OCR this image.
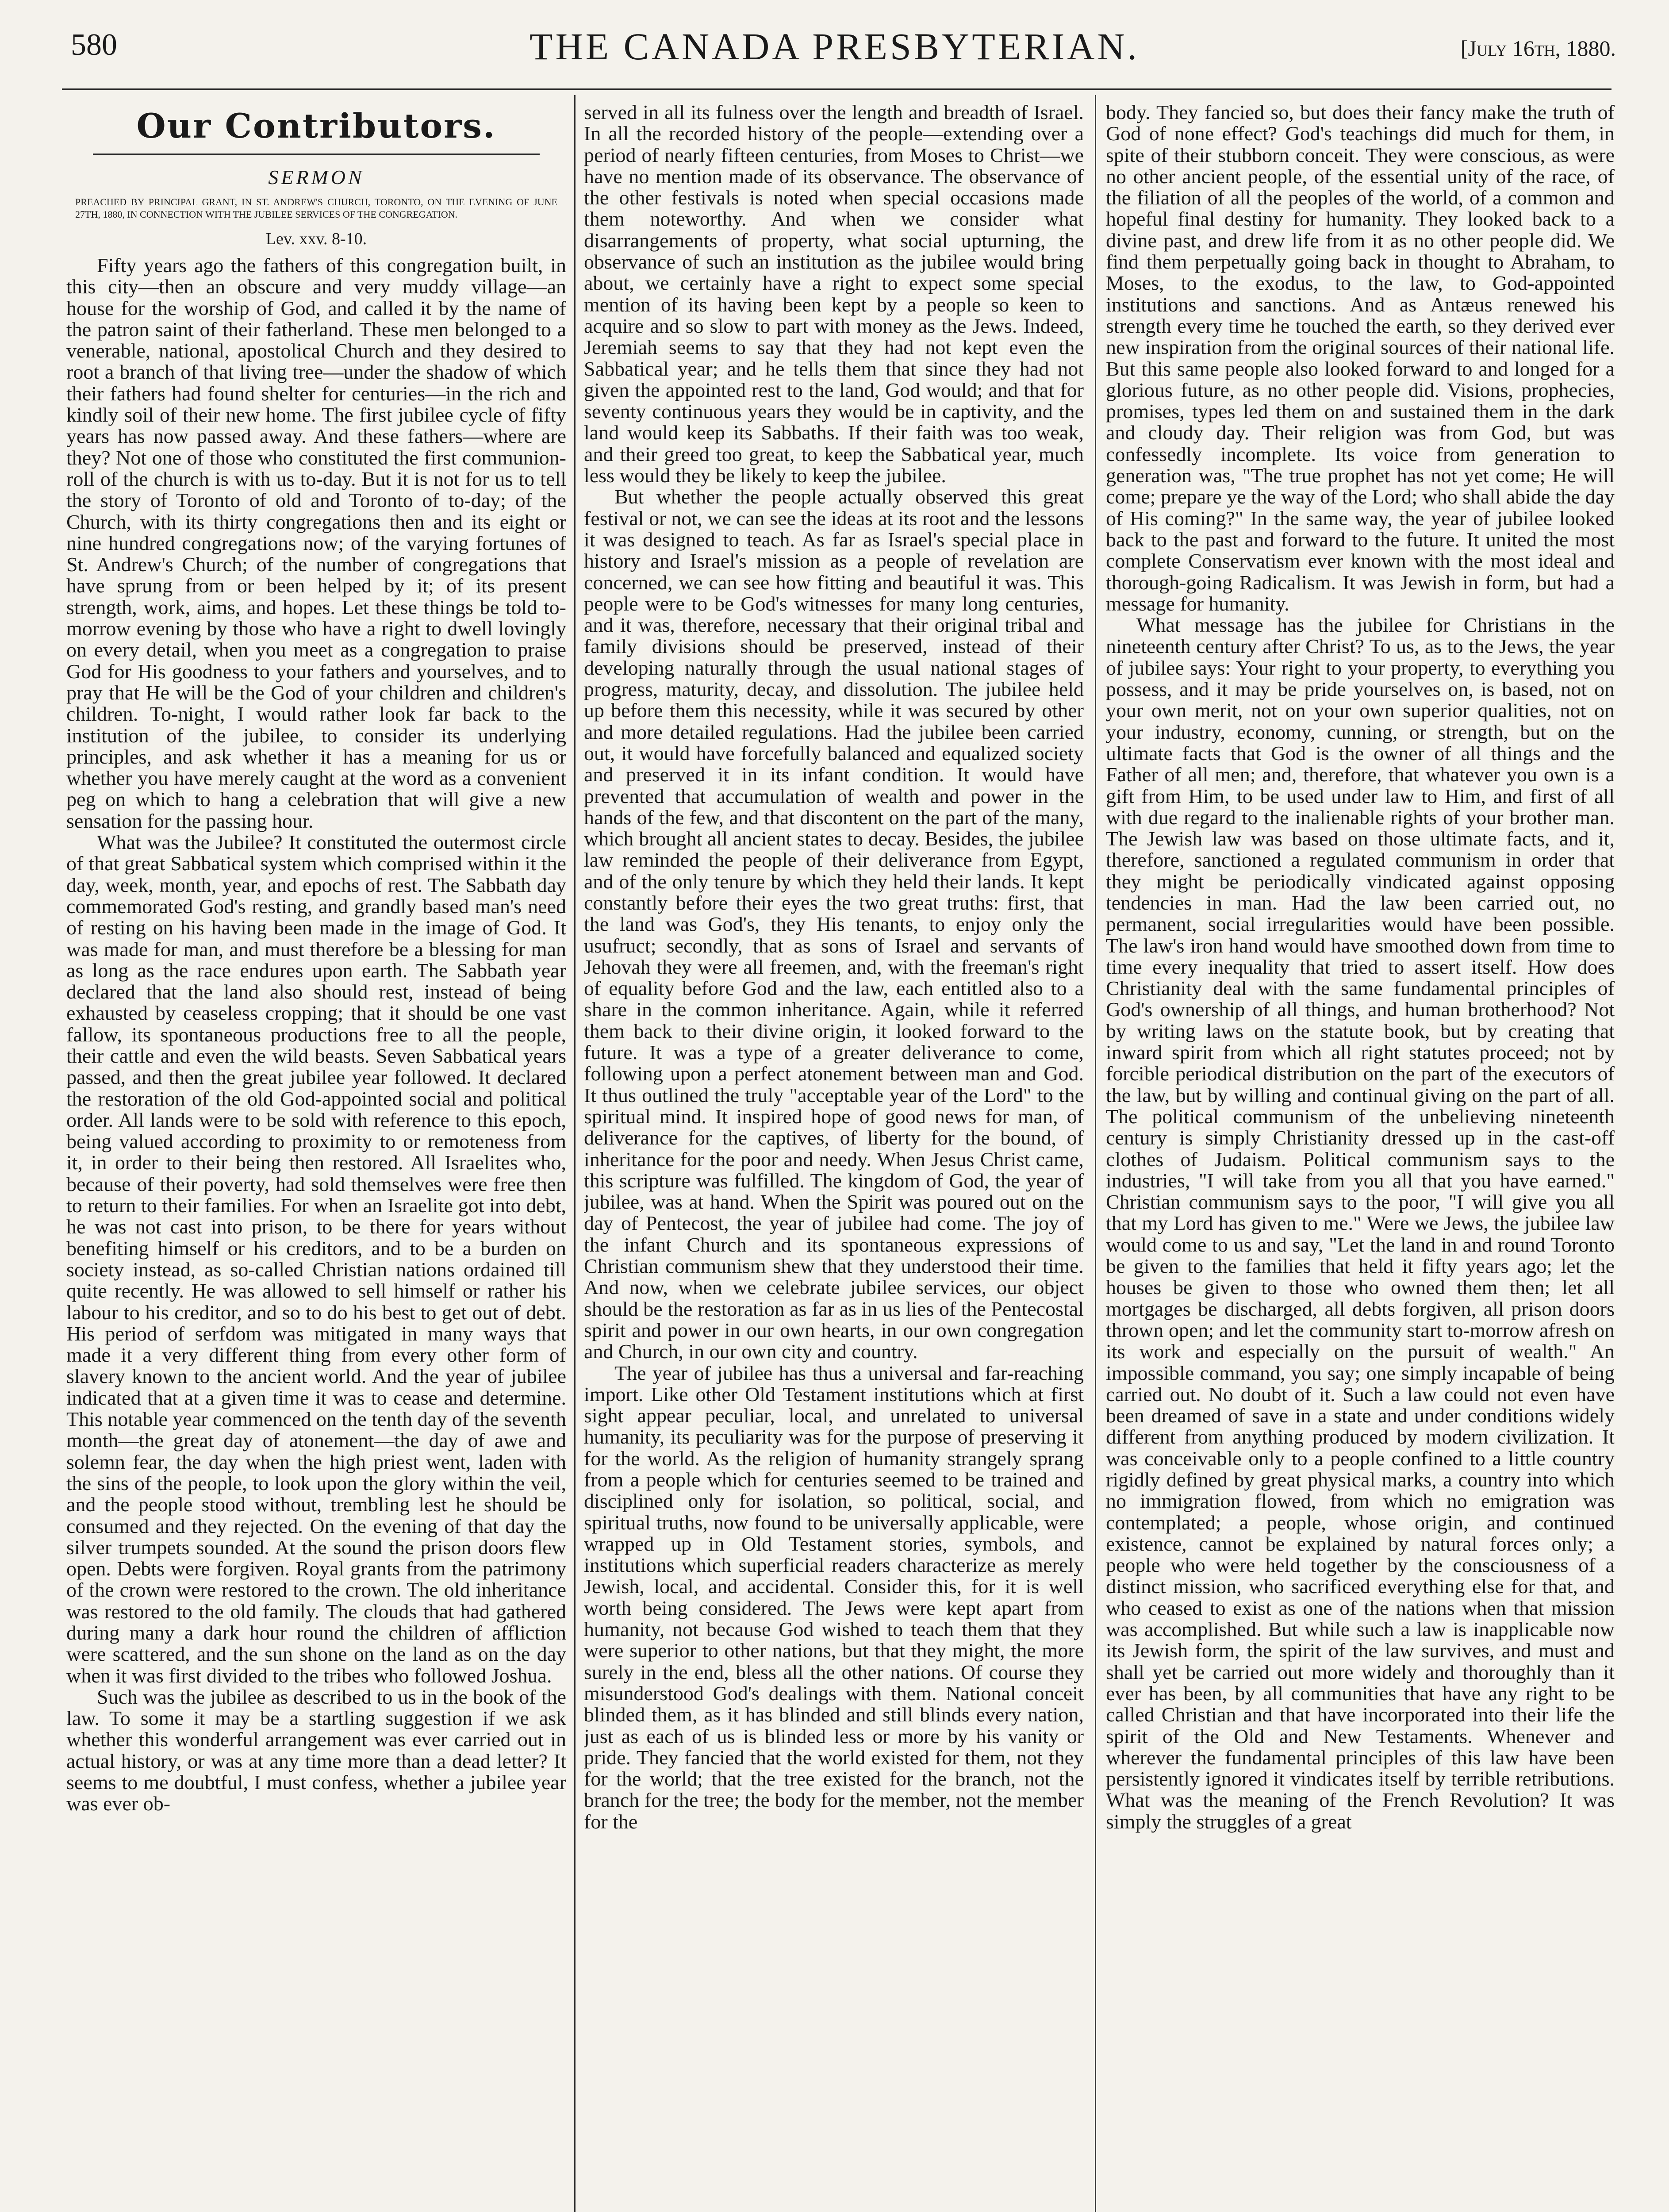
580	THE CANADA PRESBYTERIAN.	[July 16th, 1880.
Our Contributors.
SERMON
PREACHED BY PRINCIPAL GRANT, IN ST. ANDREW'S CHURCH, TORONTO, ON THE EVENING OF JUNE 27TH, 1880, IN CONNECTION WITH THE JUBILEE SERVICES OF THE CONGREGATION.
Lev. xxv. 8-10.

Fifty years ago the fathers of this congregation built, in this city—then an obscure and very muddy village—an house for the worship of God, and called it by the name of the patron saint of their fatherland. These men belonged to a venerable, national, apostolical Church and they desired to root a branch of that living tree—under the shadow of which their fathers had found shelter for centuries—in the rich and kindly soil of their new home. The first jubilee cycle of fifty years has now passed away. And these fathers—where are they? Not one of those who constituted the first communion-roll of the church is with us to-day. But it is not for us to tell the story of Toronto of old and Toronto of to-day; of the Church, with its thirty congregations then and its eight or nine hundred congregations now; of the varying fortunes of St. Andrew's Church; of the number of congregations that have sprung from or been helped by it; of its present strength, work, aims, and hopes. Let these things be told to-morrow evening by those who have a right to dwell lovingly on every detail, when you meet as a congregation to praise God for His goodness to your fathers and yourselves, and to pray that He will be the God of your children and children's children. To-night, I would rather look far back to the institution of the jubilee, to consider its underlying principles, and ask whether it has a meaning for us or whether you have merely caught at the word as a convenient peg on which to hang a celebration that will give a new sensation for the passing hour.

What was the Jubilee? It constituted the outermost circle of that great Sabbatical system which comprised within it the day, week, month, year, and epochs of rest. The Sabbath day commemorated God's resting, and grandly based man's need of resting on his having been made in the image of God. It was made for man, and must therefore be a blessing for man as long as the race endures upon earth. The Sabbath year declared that the land also should rest, instead of being exhausted by ceaseless cropping; that it should be one vast fallow, its spontaneous productions free to all the people, their cattle and even the wild beasts. Seven Sabbatical years passed, and then the great jubilee year followed. It declared the restoration of the old God-appointed social and political order. All lands were to be sold with reference to this epoch, being valued according to proximity to or remoteness from it, in order to their being then restored. All Israelites who, because of their poverty, had sold themselves were free then to return to their families. For when an Israelite got into debt, he was not cast into prison, to be there for years without benefiting himself or his creditors, and to be a burden on society instead, as so-called Christian nations ordained till quite recently. He was allowed to sell himself or rather his labour to his creditor, and so to do his best to get out of debt. His period of serfdom was mitigated in many ways that made it a very different thing from every other form of slavery known to the ancient world. And the year of jubilee indicated that at a given time it was to cease and determine. This notable year commenced on the tenth day of the seventh month—the great day of atonement—the day of awe and solemn fear, the day when the high priest went, laden with the sins of the people, to look upon the glory within the veil, and the people stood without, trembling lest he should be consumed and they rejected. On the evening of that day the silver trumpets sounded. At the sound the prison doors flew open. Debts were forgiven. Royal grants from the patrimony of the crown were restored to the crown. The old inheritance was restored to the old family. The clouds that had gathered during many a dark hour round the children of affliction were scattered, and the sun shone on the land as on the day when it was first divided to the tribes who followed Joshua.

Such was the jubilee as described to us in the book of the law. To some it may be a startling suggestion if we ask whether this wonderful arrangement was ever carried out in actual history, or was at any time more than a dead letter? It seems to me doubtful, I must confess, whether a jubilee year was ever ob-

served in all its fulness over the length and breadth of Israel. In all the recorded history of the people—extending over a period of nearly fifteen centuries, from Moses to Christ—we have no mention made of its observance. The observance of the other festivals is noted when special occasions made them noteworthy. And when we consider what disarrangements of property, what social upturning, the observance of such an institution as the jubilee would bring about, we certainly have a right to expect some special mention of its having been kept by a people so keen to acquire and so slow to part with money as the Jews. Indeed, Jeremiah seems to say that they had not kept even the Sabbatical year; and he tells them that since they had not given the appointed rest to the land, God would; and that for seventy continuous years they would be in captivity, and the land would keep its Sabbaths. If their faith was too weak, and their greed too great, to keep the Sabbatical year, much less would they be likely to keep the jubilee.

But whether the people actually observed this great festival or not, we can see the ideas at its root and the lessons it was designed to teach. As far as Israel's special place in history and Israel's mission as a people of revelation are concerned, we can see how fitting and beautiful it was. This people were to be God's witnesses for many long centuries, and it was, therefore, necessary that their original tribal and family divisions should be preserved, instead of their developing naturally through the usual national stages of progress, maturity, decay, and dissolution. The jubilee held up before them this necessity, while it was secured by other and more detailed regulations. Had the jubilee been carried out, it would have forcefully balanced and equalized society and preserved it in its infant condition. It would have prevented that accumulation of wealth and power in the hands of the few, and that discontent on the part of the many, which brought all ancient states to decay. Besides, the jubilee law reminded the people of their deliverance from Egypt, and of the only tenure by which they held their lands. It kept constantly before their eyes the two great truths: first, that the land was God's, they His tenants, to enjoy only the usufruct; secondly, that as sons of Israel and servants of Jehovah they were all freemen, and, with the freeman's right of equality before God and the law, each entitled also to a share in the common inheritance. Again, while it referred them back to their divine origin, it looked forward to the future. It was a type of a greater deliverance to come, following upon a perfect atonement between man and God. It thus outlined the truly "acceptable year of the Lord" to the spiritual mind. It inspired hope of good news for man, of deliverance for the captives, of liberty for the bound, of inheritance for the poor and needy. When Jesus Christ came, this scripture was fulfilled. The kingdom of God, the year of jubilee, was at hand. When the Spirit was poured out on the day of Pentecost, the year of jubilee had come. The joy of the infant Church and its spontaneous expressions of Christian communism shew that they understood their time. And now, when we celebrate jubilee services, our object should be the restoration as far as in us lies of the Pentecostal spirit and power in our own hearts, in our own congregation and Church, in our own city and country.

The year of jubilee has thus a universal and far-reaching import. Like other Old Testament institutions which at first sight appear peculiar, local, and unrelated to universal humanity, its peculiarity was for the purpose of preserving it for the world. As the religion of humanity strangely sprang from a people which for centuries seemed to be trained and disciplined only for isolation, so political, social, and spiritual truths, now found to be universally applicable, were wrapped up in Old Testament stories, symbols, and institutions which superficial readers characterize as merely Jewish, local, and accidental. Consider this, for it is well worth being considered. The Jews were kept apart from humanity, not because God wished to teach them that they were superior to other nations, but that they might, the more surely in the end, bless all the other nations. Of course they misunderstood God's dealings with them. National conceit blinded them, as it has blinded and still blinds every nation, just as each of us is blinded less or more by his vanity or pride. They fancied that the world existed for them, not they for the world; that the tree existed for the branch, not the branch for the tree; the body for the member, not the member for the

body. They fancied so, but does their fancy make the truth of God of none effect? God's teachings did much for them, in spite of their stubborn conceit. They were conscious, as were no other ancient people, of the essential unity of the race, of the filiation of all the peoples of the world, of a common and hopeful final destiny for humanity. They looked back to a divine past, and drew life from it as no other people did. We find them perpetually going back in thought to Abraham, to Moses, to the exodus, to the law, to God-appointed institutions and sanctions. And as Antæus renewed his strength every time he touched the earth, so they derived ever new inspiration from the original sources of their national life. But this same people also looked forward to and longed for a glorious future, as no other people did. Visions, prophecies, promises, types led them on and sustained them in the dark and cloudy day. Their religion was from God, but was confessedly incomplete. Its voice from generation to generation was, "The true prophet has not yet come; He will come; prepare ye the way of the Lord; who shall abide the day of His coming?" In the same way, the year of jubilee looked back to the past and forward to the future. It united the most complete Conservatism ever known with the most ideal and thorough-going Radicalism. It was Jewish in form, but had a message for humanity.

What message has the jubilee for Christians in the nineteenth century after Christ? To us, as to the Jews, the year of jubilee says: Your right to your property, to everything you possess, and it may be pride yourselves on, is based, not on your own merit, not on your own superior qualities, not on your industry, economy, cunning, or strength, but on the ultimate facts that God is the owner of all things and the Father of all men; and, therefore, that whatever you own is a gift from Him, to be used under law to Him, and first of all with due regard to the inalienable rights of your brother man. The Jewish law was based on those ultimate facts, and it, therefore, sanctioned a regulated communism in order that they might be periodically vindicated against opposing tendencies in man. Had the law been carried out, no permanent, social irregularities would have been possible. The law's iron hand would have smoothed down from time to time every inequality that tried to assert itself. How does Christianity deal with the same fundamental principles of God's ownership of all things, and human brotherhood? Not by writing laws on the statute book, but by creating that inward spirit from which all right statutes proceed; not by forcible periodical distribution on the part of the executors of the law, but by willing and continual giving on the part of all. The political communism of the unbelieving nineteenth century is simply Christianity dressed up in the cast-off clothes of Judaism. Political communism says to the industries, "I will take from you all that you have earned." Christian communism says to the poor, "I will give you all that my Lord has given to me." Were we Jews, the jubilee law would come to us and say, "Let the land in and round Toronto be given to the families that held it fifty years ago; let the houses be given to those who owned them then; let all mortgages be discharged, all debts forgiven, all prison doors thrown open; and let the community start to-morrow afresh on its work and especially on the pursuit of wealth." An impossible command, you say; one simply incapable of being carried out. No doubt of it. Such a law could not even have been dreamed of save in a state and under conditions widely different from anything produced by modern civilization. It was conceivable only to a people confined to a little country rigidly defined by great physical marks, a country into which no immigration flowed, from which no emigration was contemplated; a people, whose origin, and continued existence, cannot be explained by natural forces only; a people who were held together by the consciousness of a distinct mission, who sacrificed everything else for that, and who ceased to exist as one of the nations when that mission was accomplished. But while such a law is inapplicable now its Jewish form, the spirit of the law survives, and must and shall yet be carried out more widely and thoroughly than it ever has been, by all communities that have any right to be called Christian and that have incorporated into their life the spirit of the Old and New Testaments. Whenever and wherever the fundamental principles of this law have been persistently ignored it vindicates itself by terrible retributions. What was the meaning of the French Revolution? It was simply the struggles of a great
